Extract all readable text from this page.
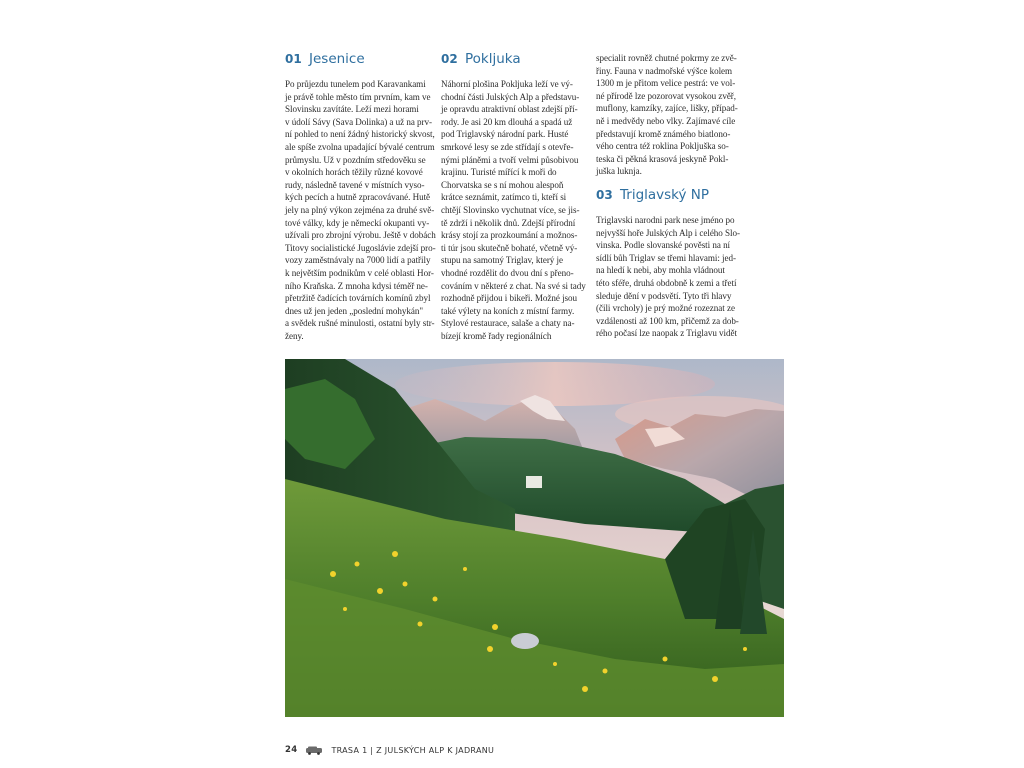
01 Jesenice

Po průjezdu tunelem pod Karavankami

je právě tohle město tím prvním, kam ve

Slovinsku zavítáte. Leží mezi horami

v údolí Sávy (Sava Dolinka) a už na prv-

ní pohled to není žádný historický skvost,

ale spíše zvolna upadající bývalé centrum

průmyslu. Už v pozdním středověku se

v okolních horách těžily různé kovové

rudy, následně tavené v místních vyso-

kých pecích a hutně zpracovávané. Hutě

jely na plný výkon zejména za druhé svě-

tové války, kdy je německí okupanti vy-

užívali pro zbrojní výrobu. Ještě v dobách

Titovy socialistické Jugoslávie zdejší pro-

vozy zaměstnávaly na 7000 lidí a patřily

k největším podnikům v celé oblasti Hor-

ního Kraňska. Z mnoha kdysi téměř ne-

přetržitě čadících továrních komínů zbyl

dnes už jen jeden „poslední mohykán"

a svědek rušné minulosti, ostatní byly str-

ženy.

02 Pokljuka

Náhorní plošina Pokljuka leží ve vý-

chodní části Julských Alp a představu-

je opravdu atraktivní oblast zdejší pří-

rody. Je asi 20 km dlouhá a spadá už

pod Triglavský národní park. Husté

smrkové lesy se zde střídají s otevře-

nými pláněmi a tvoří velmi působivou

krajinu. Turisté mířící k moři do

Chorvatska se s ní mohou alespoň

krátce seznámit, zatímco ti, kteří si

chtějí Slovinsko vychutnat více, se jis-

tě zdrží i několik dnů. Zdejší přírodní

krásy stojí za prozkoumání a možnos-

ti túr jsou skutečně bohaté, včetně vý-

stupu na samotný Triglav, který je

vhodné rozdělit do dvou dní s přeno-

cováním v některé z chat. Na své si tady

rozhodně přijdou i bikeři. Možné jsou

také výlety na koních z místní farmy.

Stylové restaurace, salaše a chaty na-

bízejí kromě řady regionálních

specialit rovněž chutné pokrmy ze zvě-

řiny. Fauna v nadmořské výšce kolem

1300 m je přitom velice pestrá: ve vol-

né přírodě lze pozorovat vysokou zvěř,

muflony, kamzíky, zajíce, lišky, případ-

ně i medvědy nebo vlky. Zajímavé cíle

představují kromě známého biatlono-

vého centra též roklina Pokljuška so-

teska či pěkná krasová jeskyně Pokl-

juška luknja.

03 Triglavský NP

Triglavski narodni park nese jméno po

nejvyšší hoře Julských Alp i celého Slo-

vinska. Podle slovanské pověsti na ní

sídlí bůh Triglav se třemi hlavami: jed-

na hledí k nebi, aby mohla vládnout

této sféře, druhá obdobně k zemi a třetí

sleduje dění v podsvětí. Tyto tři hlavy

(čili vrcholy) je prý možné rozeznat ze

vzdálenosti až 100 km, přičemž za dob-

rého počasí lze naopak z Triglavu vidět

24	TRASA 1 | Z JULSKÝCH ALP K JADRANU
